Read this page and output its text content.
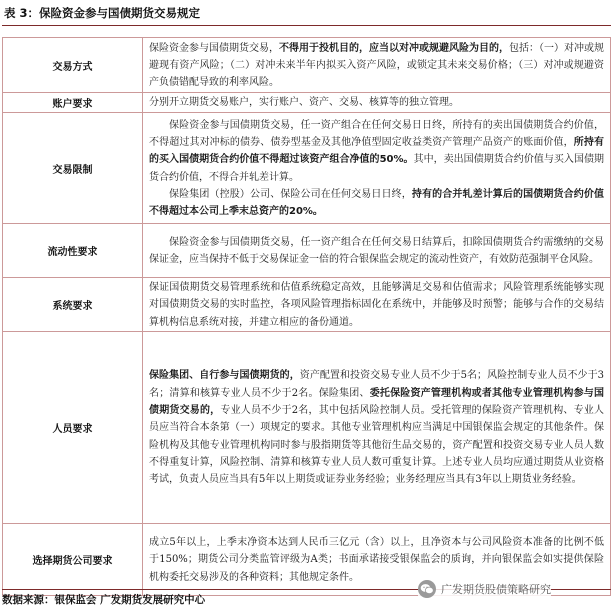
表 3：保险资金参与国债期货交易规定
交易方式	保险资金参与国债期货交易，不得用于投机目的，应当以对冲或规避风险为目的，包括：（一）对冲或规避现有资产风险；（二）对冲未来半年内拟买入资产风险，或锁定其未来交易价格；（三）对冲或规避资产负债错配导致的利率风险。

账户要求	分别开立期货交易账户，实行账户、资产、交易、核算等的独立管理。

交易限制	保险资金参与国债期货交易，任一资产组合在任何交易日日终，所持有的卖出国债期货合约价值，不得超过其对冲标的债券、债券型基金及其他净值型固定收益类资产管理产品资产的账面价值，所持有的买入国债期货合约价值不得超过该资产组合净值的50%。其中，卖出国债期货合约价值与买入国债期货合约价值，不得合并轧差计算。

保险集团（控股）公司、保险公司在任何交易日日终，持有的合并轧差计算后的国债期货合约价值不得超过本公司上季末总资产的20%。

流动性要求	保险资金参与国债期货交易，任一资产组合在任何交易日结算后，扣除国债期货合约需缴纳的交易保证金，应当保持不低于交易保证金一倍的符合银保监会规定的流动性资产，有效防范强制平仓风险。

系统要求	保证国债期货交易管理系统和估值系统稳定高效，且能够满足交易和估值需求；风险管理系统能够实现对国债期货交易的实时监控，各项风险管理指标固化在系统中，并能够及时预警；能够与合作的交易结算机构信息系统对接，并建立相应的备份通道。

人员要求	保险集团、自行参与国债期货的，资产配置和投资交易专业人员不少于5名；风险控制专业人员不少于3名；清算和核算专业人员不少于2名。保险集团、委托保险资产管理机构或者其他专业管理机构参与国债期货交易的，专业人员不少于2名，其中包括风险控制人员。受托管理的保险资产管理机构、专业人员应当符合本条第（一）项规定的要求。其他专业管理机构应当满足中国银保监会规定的其他条件。保险机构及其他专业管理机构同时参与股指期货等其他衍生品交易的，资产配置和投资交易专业人员人数不得重复计算，风险控制、清算和核算专业人员人数可重复计算。上述专业人员均应通过期货从业资格考试，负责人员应当具有5年以上期货或证券业务经验；业务经理应当具有3年以上期货业务经验。

选择期货公司要求	成立5年以上，上季末净资本达到人民币三亿元（含）以上，且净资本与公司风险资本准备的比例不低于150%；期货公司分类监管评级为A类；书面承诺接受银保监会的质询，并向银保监会如实提供保险机构委托交易涉及的各种资料；其他规定条件。

数据来源：银保监会 广发期货发展研究中心
广发期货股债策略研究
